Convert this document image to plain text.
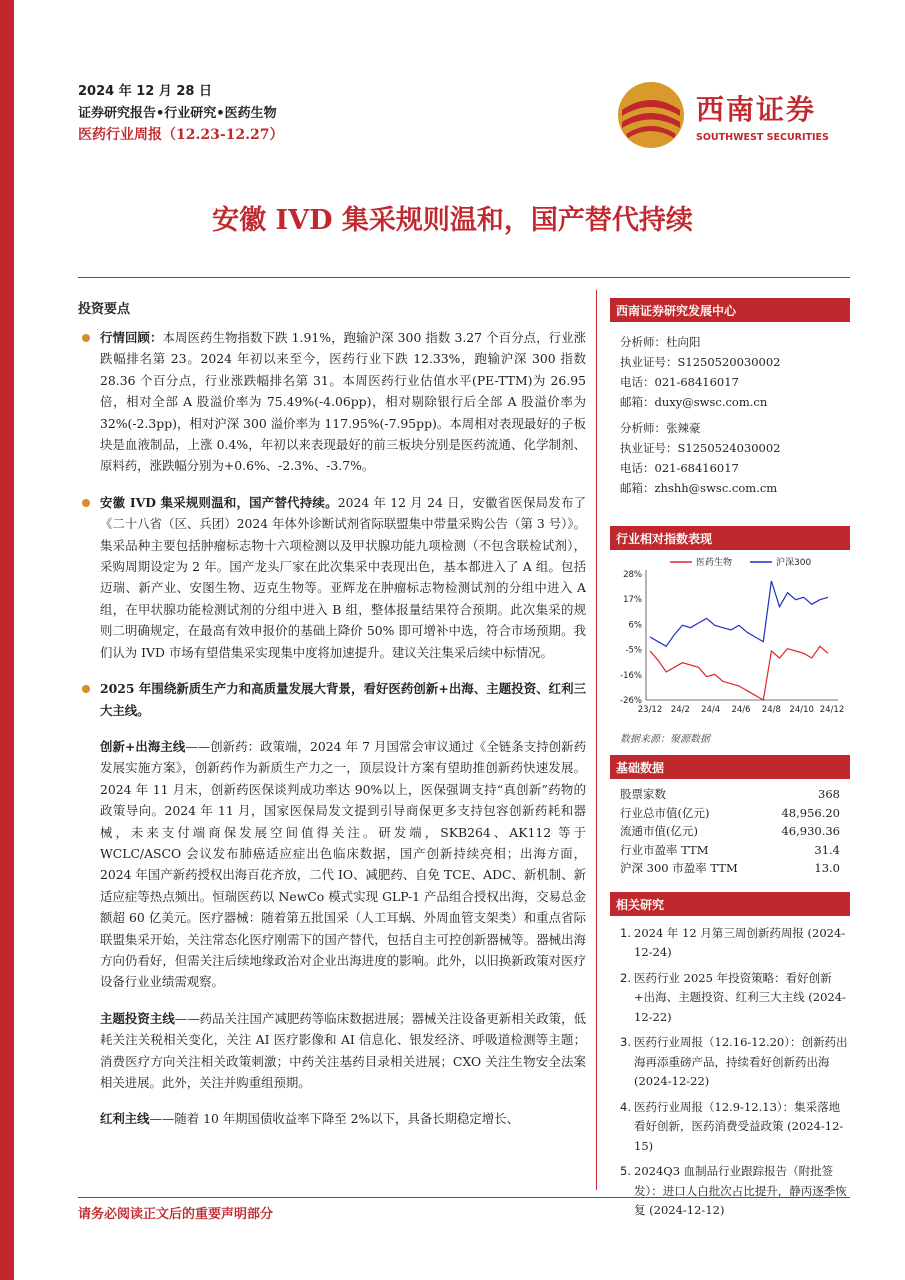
2024 年 12 月 28 日
证券研究报告•行业研究•医药生物
医药行业周报（12.23-12.27）
西南证券
SOUTHWEST SECURITIES
安徽 IVD 集采规则温和，国产替代持续
投资要点
行情回顾：本周医药生物指数下跌 1.91%，跑输沪深 300 指数 3.27 个百分点，行业涨跌幅排名第 23。2024 年初以来至今，医药行业下跌 12.33%，跑输沪深 300 指数 28.36 个百分点，行业涨跌幅排名第 31。本周医药行业估值水平(PE-TTM)为 26.95 倍，相对全部 A 股溢价率为 75.49%(-4.06pp)，相对剔除银行后全部 A 股溢价率为 32%(-2.3pp)，相对沪深 300 溢价率为 117.95%(-7.95pp)。本周相对表现最好的子板块是血液制品，上涨 0.4%，年初以来表现最好的前三板块分别是医药流通、化学制剂、原料药，涨跌幅分别为+0.6%、-2.3%、-3.7%。
安徽 IVD 集采规则温和，国产替代持续。2024 年 12 月 24 日，安徽省医保局发布了《二十八省（区、兵团）2024 年体外诊断试剂省际联盟集中带量采购公告（第 3 号）》。集采品种主要包括肿瘤标志物十六项检测以及甲状腺功能九项检测（不包含联检试剂），采购周期设定为 2 年。国产龙头厂家在此次集采中表现出色，基本都进入了 A 组。包括迈瑞、新产业、安图生物、迈克生物等。亚辉龙在肿瘤标志物检测试剂的分组中进入 A 组，在甲状腺功能检测试剂的分组中进入 B 组，整体报量结果符合预期。此次集采的规则二明确规定，在最高有效申报价的基础上降价 50% 即可增补中选，符合市场预期。我们认为 IVD 市场有望借集采实现集中度将加速提升。建议关注集采后续中标情况。
2025 年围绕新质生产力和高质量发展大背景，看好医药创新+出海、主题投资、红利三大主线。
创新+出海主线——创新药：政策端，2024 年 7 月国常会审议通过《全链条支持创新药发展实施方案》，创新药作为新质生产力之一，顶层设计方案有望助推创新药快速发展。2024 年 11 月末，创新药医保谈判成功率达 90%以上，医保强调支持“真创新”药物的政策导向。2024 年 11 月，国家医保局发文提到引导商保更多支持包容创新药耗和器械，未来支付端商保发展空间值得关注。研发端，SKB264、AK112 等于 WCLC/ASCO 会议发布肺癌适应症出色临床数据，国产创新持续亮相；出海方面，2024 年国产新药授权出海百花齐放，二代 IO、减肥药、自免 TCE、ADC、新机制、新适应症等热点频出。恒瑞医药以 NewCo 模式实现 GLP-1 产品组合授权出海，交易总金额超 60 亿美元。医疗器械：随着第五批国采（人工耳蜗、外周血管支架类）和重点省际联盟集采开始，关注常态化医疗刚需下的国产替代，包括自主可控创新器械等。器械出海方向仍看好，但需关注后续地缘政治对企业出海进度的影响。此外，以旧换新政策对医疗设备行业业绩需观察。
主题投资主线——药品关注国产减肥药等临床数据进展；器械关注设备更新相关政策，低耗关注关税相关变化，关注 AI 医疗影像和 AI 信息化、银发经济、呼吸道检测等主题；消费医疗方向关注相关政策刺激；中药关注基药目录相关进展；CXO 关注生物安全法案相关进展。此外，关注并购重组预期。
红利主线——随着 10 年期国债收益率下降至 2%以下，具备长期稳定增长、
西南证券研究发展中心
分析师：杜向阳
执业证号：S1250520030002
电话：021-68416017
邮箱：duxy@swsc.com.cn
分析师：张辣豪
执业证号：S1250524030002
电话：021-68416017
邮箱：zhshh@swsc.com.cm
行业相对指数表现
28%
17%
6%
-5%
-16%
-26%
23/12 24/2 24/4 24/6 24/8 24/10 24/12
医药生物	沪深300
数据来源：聚源数据
基础数据
股票家数	368
行业总市值(亿元)	48,956.20
流通市值(亿元)	46,930.36
行业市盈率 TTM	31.4
沪深 300 市盈率 TTM	13.0
相关研究
1. 2024 年 12 月第三周创新药周报 (2024-12-24)
2. 医药行业 2025 年投资策略：看好创新+出海、主题投资、红利三大主线 (2024-12-22)
3. 医药行业周报（12.16-12.20）：创新药出海再添重磅产品，持续看好创新药出海 (2024-12-22)
4. 医药行业周报（12.9-12.13）：集采落地看好创新，医药消费受益政策 (2024-12-15)
5. 2024Q3 血制品行业跟踪报告（附批签发）：进口人白批次占比提升，静丙逐季恢复 (2024-12-12)
请务必阅读正文后的重要声明部分
